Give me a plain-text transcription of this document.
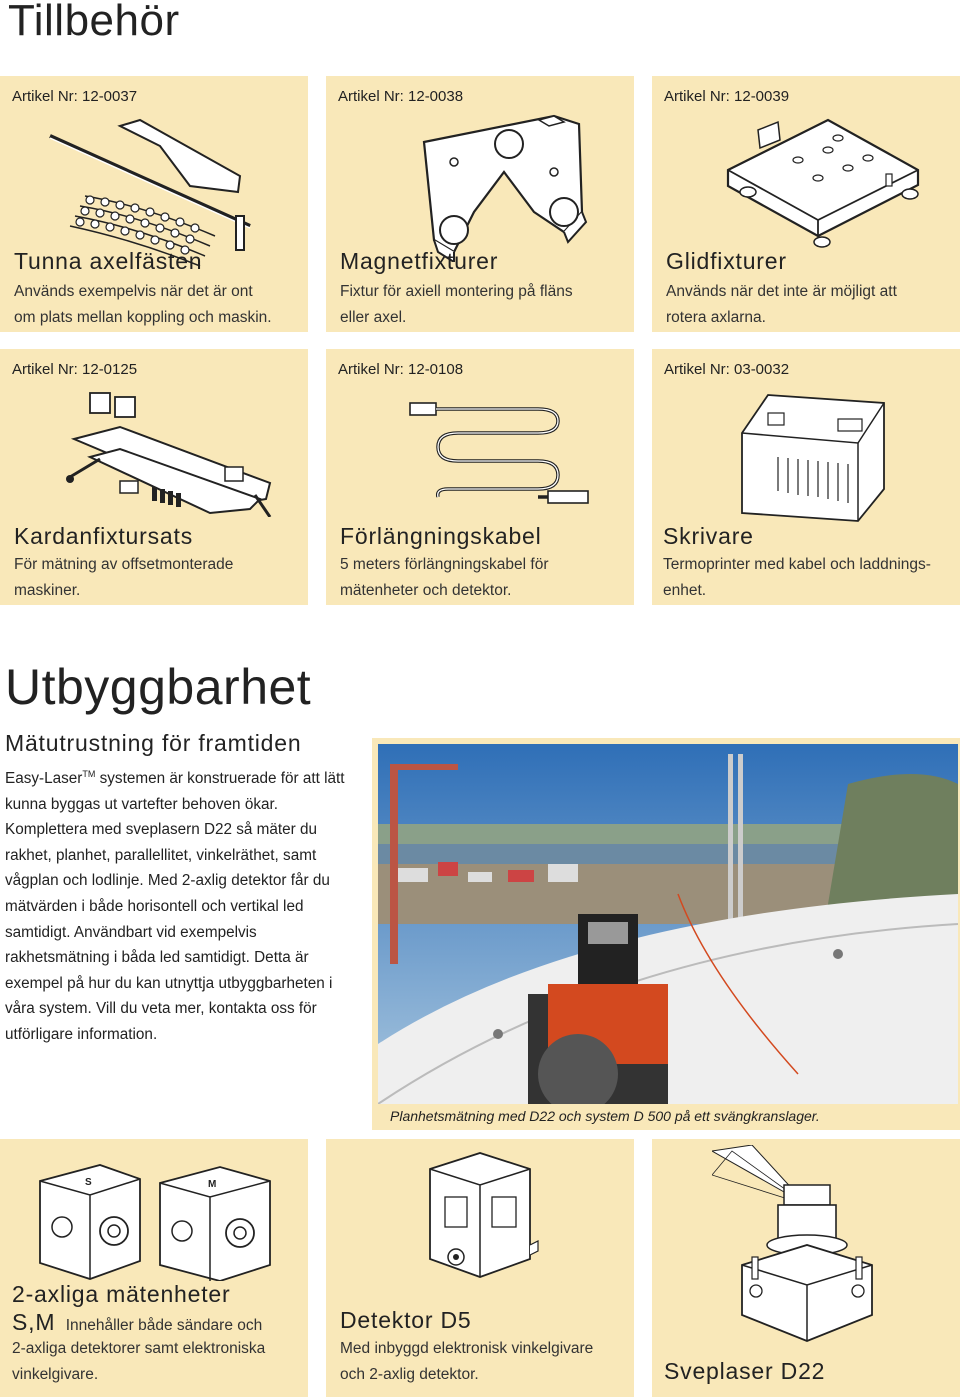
Tillbehör
Artikel Nr: 12-0037
Tunna axelfästen
Används exempelvis när det är ont
om plats mellan koppling och maskin.
Artikel Nr: 12-0038
Magnetfixturer
Fixtur för axiell montering på fläns
eller axel.
Artikel Nr: 12-0039
Glidfixturer
Används när det inte är möjligt att
rotera axlarna.
Artikel Nr: 12-0125
Kardanfixtursats
För mätning av offsetmonterade
maskiner.
Artikel Nr: 12-0108
Förlängningskabel
5 meters förlängningskabel för
mätenheter och detektor.
Artikel Nr: 03-0032
Skrivare
Termoprinter med kabel och laddnings-
enhet.
Utbyggbarhet
Mätutrustning för framtiden

Easy-Laser™ systemen är konstruerade för att lätt kunna byggas ut vartefter behoven ökar.

Komplettera med sveplasern D22 så mäter du rakhet, planhet, parallellitet, vinkelräthet, samt vågplan och lodlinje. Med 2-axlig detektor får du mätvärden i både horisontell och vertikal led samtidigt. Användbart vid exempelvis rakhetsmätning i båda led samtidigt. Detta är exempel på hur du kan utnyttja utbyggbarheten i våra system. Vill du veta mer, kontakta oss för utförligare information.

Planhetsmätning med D22 och system D 500 på ett svängkranslager.
S	M
2-axliga mätenheter
S,M Innehåller både sändare och
2-axliga detektorer samt elektroniska
vinkelgivare.
Detektor D5
Med inbyggd elektronisk vinkelgivare
och 2-axlig detektor.	Sveplaser D22
